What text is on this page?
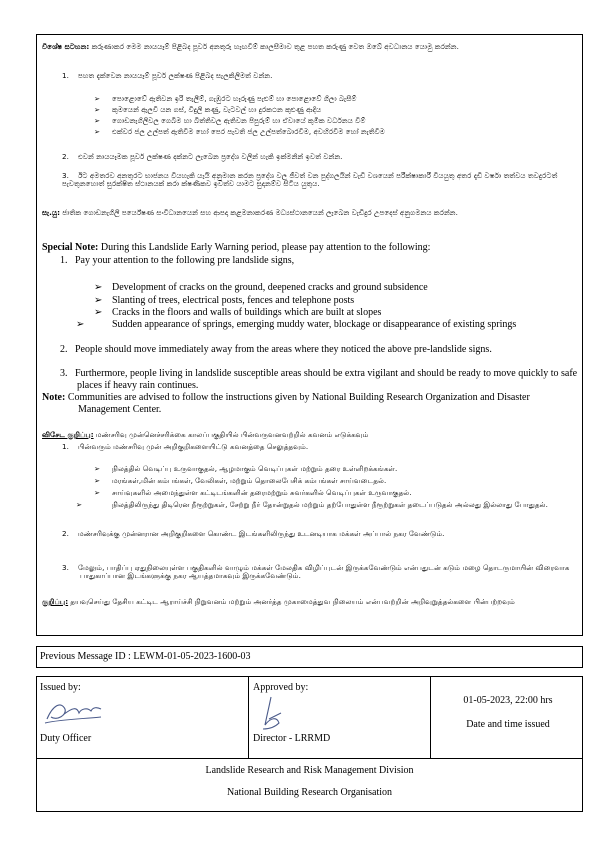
විශේෂ සටහන: කරුණාකර මෙම නායයෑම් පිළිබද පූර්ව අනතුරු හැඟවීම් කාලසීමාව තුළ පහත කරුණු වෙත ඔබේ අවධානය යොමු කරන්න.
1.    පහත දැක්වෙන නායයෑම් පූර්ව ලක්ෂණ පිළිබද සැලකිලිමත් වන්න.
➢ පොළොවේ ඇතිවන ඉරි තැලීම්, ගැඹුරට හෑරුණු පැළුම් හා පොළොවේ ගිලා බැසීම්
➢ කුමයෙන් ඇලවී යන ගස්, විදුලි කණු, වැටවල් හා දුරකථන කුළුණු ආදිය
➢ ගොඩනැගිලිවල ගෙබිම හා බිත්තිවල ඇතිවන පිපුරුම් හා ඒවායේ කුමික වර්ධනය වීම්
➢ එක්වර ජල උල්පත් ඇතිවීම හෝ පෙර පැවති ජල උල්පත්බොරවීම, අවහිරවීම හෝ නැතිවීම
2.    එවන් නායයෑමක පූර්ව ලක්ෂණ දක්නට ලැබෙන ප්‍රදේශ වලින් හැකි ඉක්මනින් ඉවත් වන්න.
3.    ඊට අමතරව අනතුරට භාජනය වියහැකි යැයි අනුමාන කරන ප්‍රදේශ වල ජීවත් වන පුද්ගලයින් වැඩි වශයෙන් පරීක්ෂාකාරී වියයුතු අතර දැඩි වර්ෂා තත්වය තවදුරටත් පැවතුනහොත් සුරක්ෂිත ස්ථානයක් කරා ක්ෂණිකව ඉවත්ව යාමට සුදානම්ව සිටිය යුතුය.
සැ.යු: ජාතික ගොඩනැගිලි පර්යේෂණ සංවිධානයෙන් සහ ආපදා කළමනාකරණ මධ්‍යස්ථානයෙන් ලැබෙන වැඩිදුර උපදෙස් අනුගමනය කරන්න.
Special Note: During this Landslide Early Warning period, please pay attention to the following:
1.   Pay your attention to the following pre landslide signs,
➢ Development of cracks on the ground, deepened cracks and ground subsidence
➢ Slanting of trees, electrical posts, fences and telephone posts
➢ Cracks in the floors and walls of buildings which are built at slopes
➢	Sudden appearance of springs, emerging muddy water, blockage or disappearance of existing springs
2.   People should move immediately away from the areas where they noticed the above pre-landslide signs.
3.   Furthermore, people living in landslide susceptible areas should be extra vigilant and should be ready to move quickly to safe places if heavy rain continues.
Note: Communities are advised to follow the instructions given by National Building Research Organization and Disaster Management Center.
விசேட குறிப்பு: மண்சரிவு முன்னெச்சரிக்கை காலப்பகுதியில் பின்வருவனவற்றில் கவனம் எடுக்கவும்
1.    பின்வரும் மண்சரிவு முன் அறிகுறிகளையிட்டு கவனத்தை செலுத்தவும்.
➢ நிலத்தில் வெடிப்பு உருவாகுதல், ஆழமாகும் வெடிப்புகள் மற்றும் தரை உள்ளிறக்கங்கள்.
➢ மரங்கள்,மின் கம்பங்கள், வேலிகள், மற்றும் தொலைபேசிக் கம்பங்கள் சாய்வடைதல்.
➢ சாய்வுகளில் அமைந்துள்ள கட்டிடங்களின் தரைமற்றும் சுவர்களில் வெடிப்புகள் உருவாகுதல்.
➢	நிலத்திலிருந்து திடிரென நீரூற்றுகள், சேற்று நீர் தோன்றுதல் மற்றும் தற்போதுள்ள நீரூற்றுகள் தடைப்படுதல் அல்லது இல்லாது போதுதல்.
2.    மண்சரிவுக்கு முன்னரான அறிகுறிகளை கொண்ட இடங்களிலிருந்து உடனடியாக மக்கள் அப்பால் நகர வேண்டும்.
3.    மேலும், பாதிப்பு ஏதுநிலையுள்ள பகுதிகளில் வாழும் மக்கள் மேலதிக விழிப்புடன் இருக்கவேண்டும் என்பதுடன் கடும் மழை தொடருமாயின் விரைவாக பாதுகாப்பான இடங்களுக்கு நகர ஆயத்தமாகவும் இருக்கவேண்டும்.
குறிப்பு: தயவுசெய்து தேசிய கட்டிட ஆராய்ச்சி நிறுவனம் மற்றும் அனர்த்த முகாமைத்துவ நிலையம் என்பவற்றின் அறிவுறுத்தல்களை பின்பற்றவும்
Previous Message ID : LEWM-01-05-2023-1600-03
Issued by:
Duty Officer
Approved by:
Director - LRRMD
01-05-2023, 22:00 hrs
Date and time issued
Landslide Research and Risk Management Division
National Building Research Organisation
